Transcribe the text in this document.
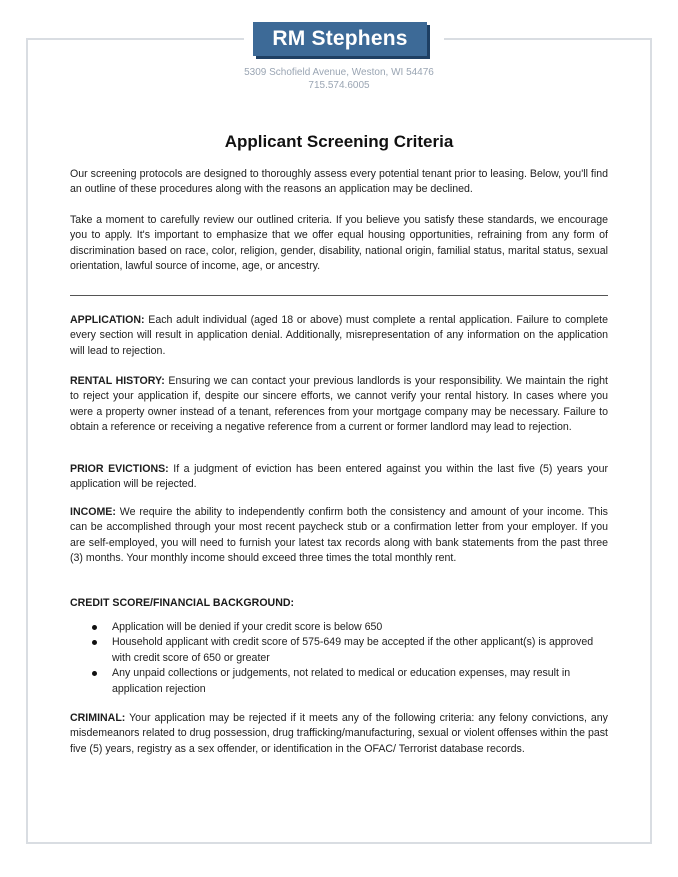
RM Stephens
5309 Schofield Avenue, Weston, WI 54476
715.574.6005
Applicant Screening Criteria

Our screening protocols are designed to thoroughly assess every potential tenant prior to leasing. Below, you'll find an outline of these procedures along with the reasons an application may be declined.

Take a moment to carefully review our outlined criteria. If you believe you satisfy these standards, we encourage you to apply. It's important to emphasize that we offer equal housing opportunities, refraining from any form of discrimination based on race, color, religion, gender, disability, national origin, familial status, marital status, sexual orientation, lawful source of income, age, or ancestry.

APPLICATION: Each adult individual (aged 18 or above) must complete a rental application. Failure to complete every section will result in application denial. Additionally, misrepresentation of any information on the application will lead to rejection.

RENTAL HISTORY: Ensuring we can contact your previous landlords is your responsibility. We maintain the right to reject your application if, despite our sincere efforts, we cannot verify your rental history. In cases where you were a property owner instead of a tenant, references from your mortgage company may be necessary. Failure to obtain a reference or receiving a negative reference from a current or former landlord may lead to rejection.

PRIOR EVICTIONS: If a judgment of eviction has been entered against you within the last five (5) years your application will be rejected.

INCOME: We require the ability to independently confirm both the consistency and amount of your income. This can be accomplished through your most recent paycheck stub or a confirmation letter from your employer. If you are self-employed, you will need to furnish your latest tax records along with bank statements from the past three (3) months. Your monthly income should exceed three times the total monthly rent.

CREDIT SCORE/FINANCIAL BACKGROUND:

Application will be denied if your credit score is below 650
Household applicant with credit score of 575-649 may be accepted if the other applicant(s) is approved with credit score of 650 or greater
Any unpaid collections or judgements, not related to medical or education expenses, may result in application rejection

CRIMINAL: Your application may be rejected if it meets any of the following criteria: any felony convictions, any misdemeanors related to drug possession, drug trafficking/manufacturing, sexual or violent offenses within the past five (5) years, registry as a sex offender, or identification in the OFAC/ Terrorist database records.
